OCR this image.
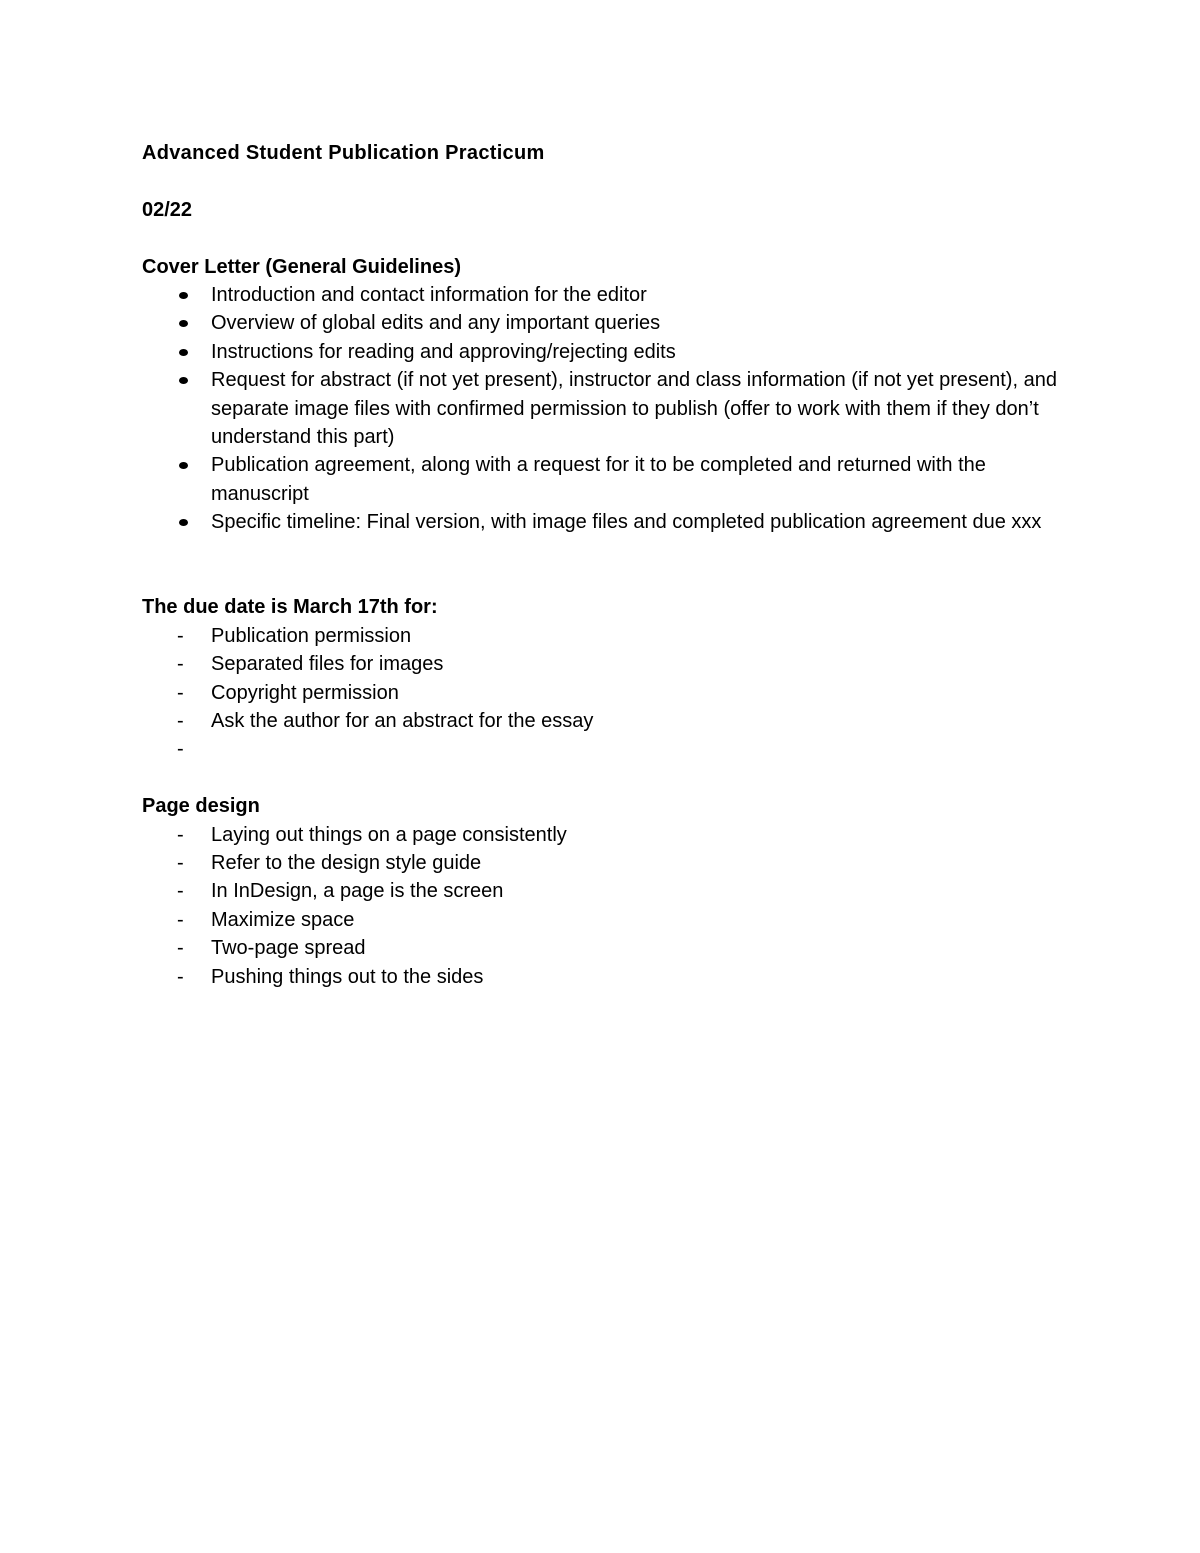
Advanced Student Publication Practicum

02/22

Cover Letter (General Guidelines)

Introduction and contact information for the editor
Overview of global edits and any important queries
Instructions for reading and approving/rejecting edits
Request for abstract (if not yet present), instructor and class information (if not yet present), and separate image files with confirmed permission to publish (offer to work with them if they don’t understand this part)
Publication agreement, along with a request for it to be completed and returned with the manuscript
Specific timeline: Final version, with image files and completed publication agreement due xxx

The due date is March 17th for:

-
Publication permission
-
Separated files for images
-
Copyright permission
-
Ask the author for an abstract for the essay
-

Page design

-
Laying out things on a page consistently
-
Refer to the design style guide
-
In InDesign, a page is the screen
-
Maximize space
-
Two-page spread
-
Pushing things out to the sides
